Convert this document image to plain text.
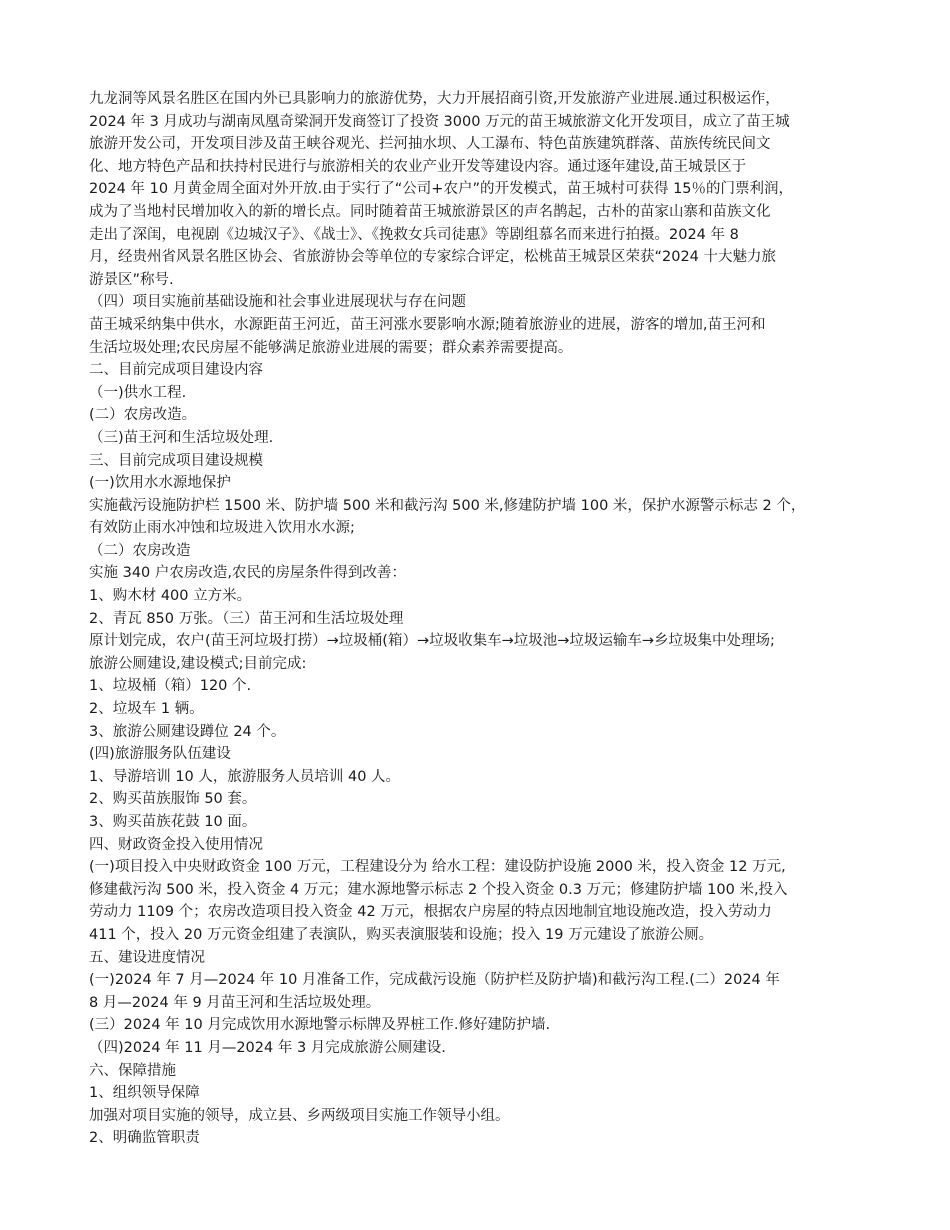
九龙洞等风景名胜区在国内外已具影响力的旅游优势，大力开展招商引资,开发旅游产业进展.通过积极运作，

2024 年 3 月成功与湖南凤凰奇梁洞开发商签订了投资 3000 万元的苗王城旅游文化开发项目，成立了苗王城

旅游开发公司，开发项目涉及苗王峡谷观光、拦河抽水坝、人工瀑布、特色苗族建筑群落、苗族传统民间文

化、地方特色产品和扶持村民进行与旅游相关的农业产业开发等建设内容。通过逐年建设,苗王城景区于

2024 年 10 月黄金周全面对外开放.由于实行了“公司+农户”的开发模式，苗王城村可获得 15％的门票利润，

成为了当地村民增加收入的新的增长点。同时随着苗王城旅游景区的声名鹊起，古朴的苗家山寨和苗族文化

走出了深闺，电视剧《边城汉子》、《战士》、《挽救女兵司徒惠》等剧组慕名而来进行拍摄。2024 年 8

月，经贵州省风景名胜区协会、省旅游协会等单位的专家综合评定，松桃苗王城景区荣获“2024 十大魅力旅

游景区”称号.

（四）项目实施前基础设施和社会事业进展现状与存在问题

苗王城采纳集中供水，水源距苗王河近，苗王河涨水要影响水源;随着旅游业的进展，游客的增加,苗王河和

生活垃圾处理;农民房屋不能够满足旅游业进展的需要；群众素养需要提高。

二、目前完成项目建设内容

（一)供水工程.

(二）农房改造。

（三)苗王河和生活垃圾处理.

三、目前完成项目建设规模

(一)饮用水水源地保护

实施截污设施防护栏 1500 米、防护墙 500 米和截污沟 500 米,修建防护墙 100 米，保护水源警示标志 2 个，

有效防止雨水冲蚀和垃圾进入饮用水水源;

（二）农房改造

实施 340 户农房改造,农民的房屋条件得到改善：

1、购木材 400 立方米。

2、青瓦 850 万张。（三）苗王河和生活垃圾处理

原计划完成，农户(苗王河垃圾打捞）→垃圾桶(箱）→垃圾收集车→垃圾池→垃圾运输车→乡垃圾集中处理场;

旅游公厕建设,建设模式;目前完成:

1、垃圾桶（箱）120 个.

2、垃圾车 1 辆。

3、旅游公厕建设蹲位 24 个。

(四)旅游服务队伍建设

1、导游培训 10 人，旅游服务人员培训 40 人。

2、购买苗族服饰 50 套。

3、购买苗族花鼓 10 面。

四、财政资金投入使用情况

(一)项目投入中央财政资金 100 万元，工程建设分为 给水工程：建设防护设施 2000 米，投入资金 12 万元,

修建截污沟 500 米，投入资金 4 万元；建水源地警示标志 2 个投入资金 0.3 万元；修建防护墙 100 米,投入

劳动力 1109 个；农房改造项目投入资金 42 万元，根据农户房屋的特点因地制宜地设施改造，投入劳动力

411 个，投入 20 万元资金组建了表演队，购买表演服装和设施；投入 19 万元建设了旅游公厕。

五、建设进度情况

(一)2024 年 7 月—2024 年 10 月准备工作，完成截污设施（防护栏及防护墙)和截污沟工程.(二）2024 年

8 月—2024 年 9 月苗王河和生活垃圾处理。

(三）2024 年 10 月完成饮用水源地警示标牌及界桩工作.修好建防护墙.

（四)2024 年 11 月—2024 年 3 月完成旅游公厕建设.

六、保障措施

1、组织领导保障

加强对项目实施的领导，成立县、乡两级项目实施工作领导小组。

2、明确监管职责
